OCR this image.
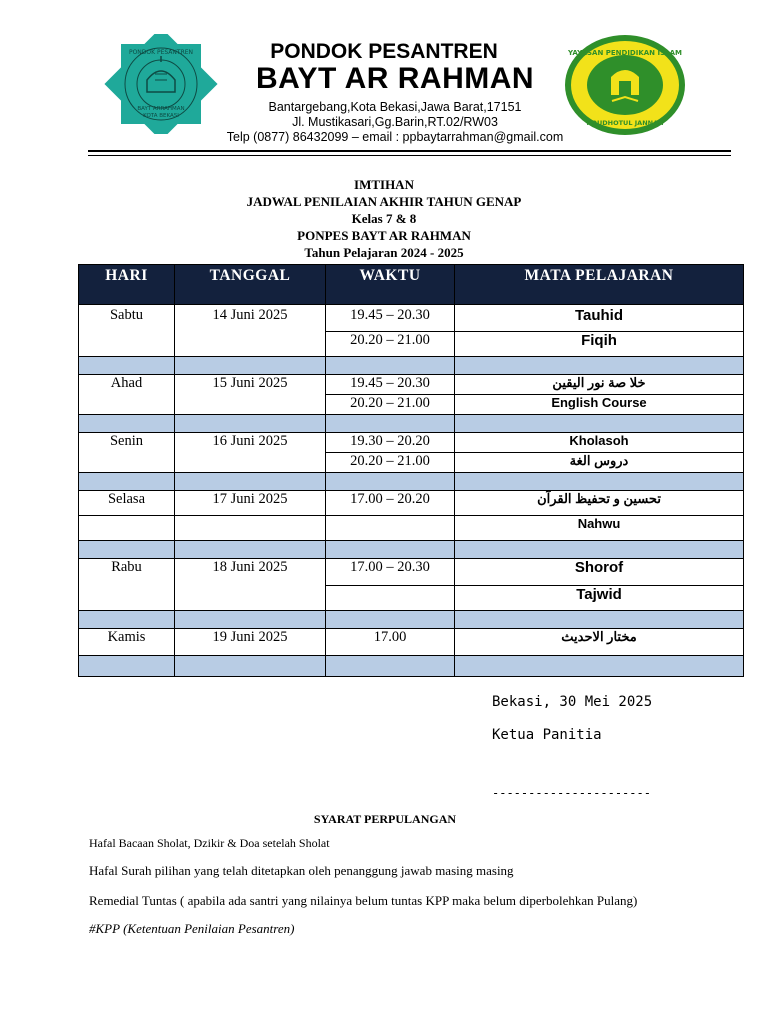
PONDOK PESANTREN
BAYT ARRAHMAN
KOTA BEKASI
YAYASAN PENDIDIKAN ISLAM
ROUDHOTUL JANNAH
PONDOK PESANTREN
BAYT AR RAHMAN
Bantargebang,Kota Bekasi,Jawa Barat,17151
Jl. Mustikasari,Gg.Barin,RT.02/RW03
Telp (0877) 86432099 – email : ppbaytarrahman@gmail.com
IMTIHAN
JADWAL PENILAIAN AKHIR TAHUN GENAP
Kelas 7 & 8
PONPES BAYT AR RAHMAN
Tahun Pelajaran 2024 - 2025
HARI	TANGGAL	WAKTU	MATA PELAJARAN
Sabtu	14 Juni 2025	19.45 – 20.30	Tauhid
		20.20 – 21.00	Fiqih

Ahad	15 Juni 2025	19.45 – 20.30	خلا صة نور اليقين
		20.20 – 21.00	English Course

Senin	16 Juni 2025	19.30 – 20.20	Kholasoh
		20.20 – 21.00	دروس الغة

Selasa	17 Juni 2025	17.00 – 20.20	تحسين و تحفيظ القرآن
			Nahwu

Rabu	18 Juni 2025	17.00 – 20.30	Shorof
			Tajwid

Kamis	19 Juni 2025	17.00	مختار الاحديث

Bekasi, 30 Mei 2025
Ketua Panitia
----------------------
SYARAT PERPULANGAN
Hafal Bacaan Sholat, Dzikir & Doa setelah Sholat
Hafal Surah pilihan yang telah ditetapkan oleh penanggung jawab masing masing
Remedial Tuntas ( apabila ada santri yang nilainya belum tuntas KPP maka belum diperbolehkan Pulang)
#KPP (Ketentuan Penilaian Pesantren)
